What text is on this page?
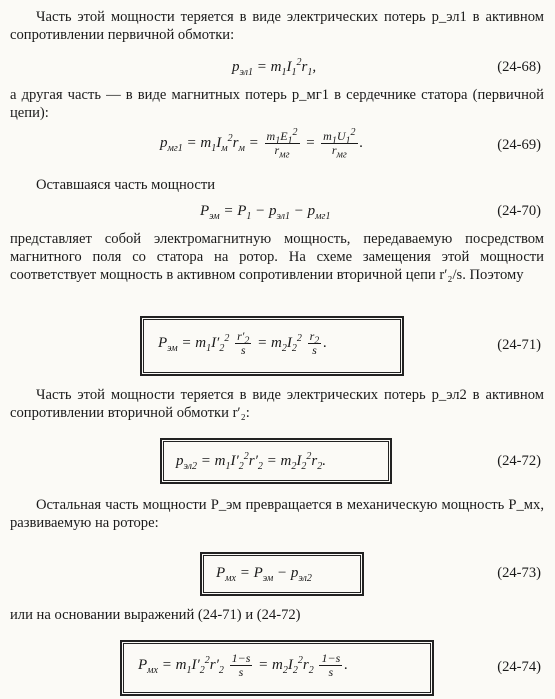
Часть этой мощности теряется в виде электрических потерь p_эл1 в активном сопротивлении первичной обмотки:
$p_{эл1} = m_1I_1^2r_1$,	(24-68)
а другая часть — в виде магнитных потерь p_мг1 в сердечнике статора (первичной цепи):
$p_{мг1} = m_1I_м^2r_м = \frac{m_1E_1^2}{r_{мг}} = \frac{m_1U_1^2}{r_{мг}}$ .	(24-69)
Оставшаяся часть мощности
$P_{эм} = P_1 - p_{эл1} - p_{мг1}$	(24-70)
представляет собой электромагнитную мощность, передаваемую посредством магнитного поля со статора на ротор. На схеме замещения этой мощности соответствует мощность в активном сопротивлении вторичной цепи r′₂/s. Поэтому
$P_{эм} = m_1I'_2^2 \frac{r'_2}{s} = m_2I_2^2 \frac{r_2}{s}$ .	(24-71)
Часть этой мощности теряется в виде электрических потерь p_эл2 в активном сопротивлении вторичной обмотки r′₂:
$p_{эл2} = m_1I'_2^2r'_2 = m_2I_2^2r_2$.	(24-72)
Остальная часть мощности P_эм превращается в механическую мощность P_мх, развиваемую на роторе:
$P_{мх} = P_{эм} - p_{эл2}$	(24-73)
или на основании выражений (24-71) и (24-72)
$P_{мх} = m_1I'_2^2r'_2 \frac{1-s}{s} = m_2I_2^2r_2 \frac{1-s}{s}$ .	(24-74)
